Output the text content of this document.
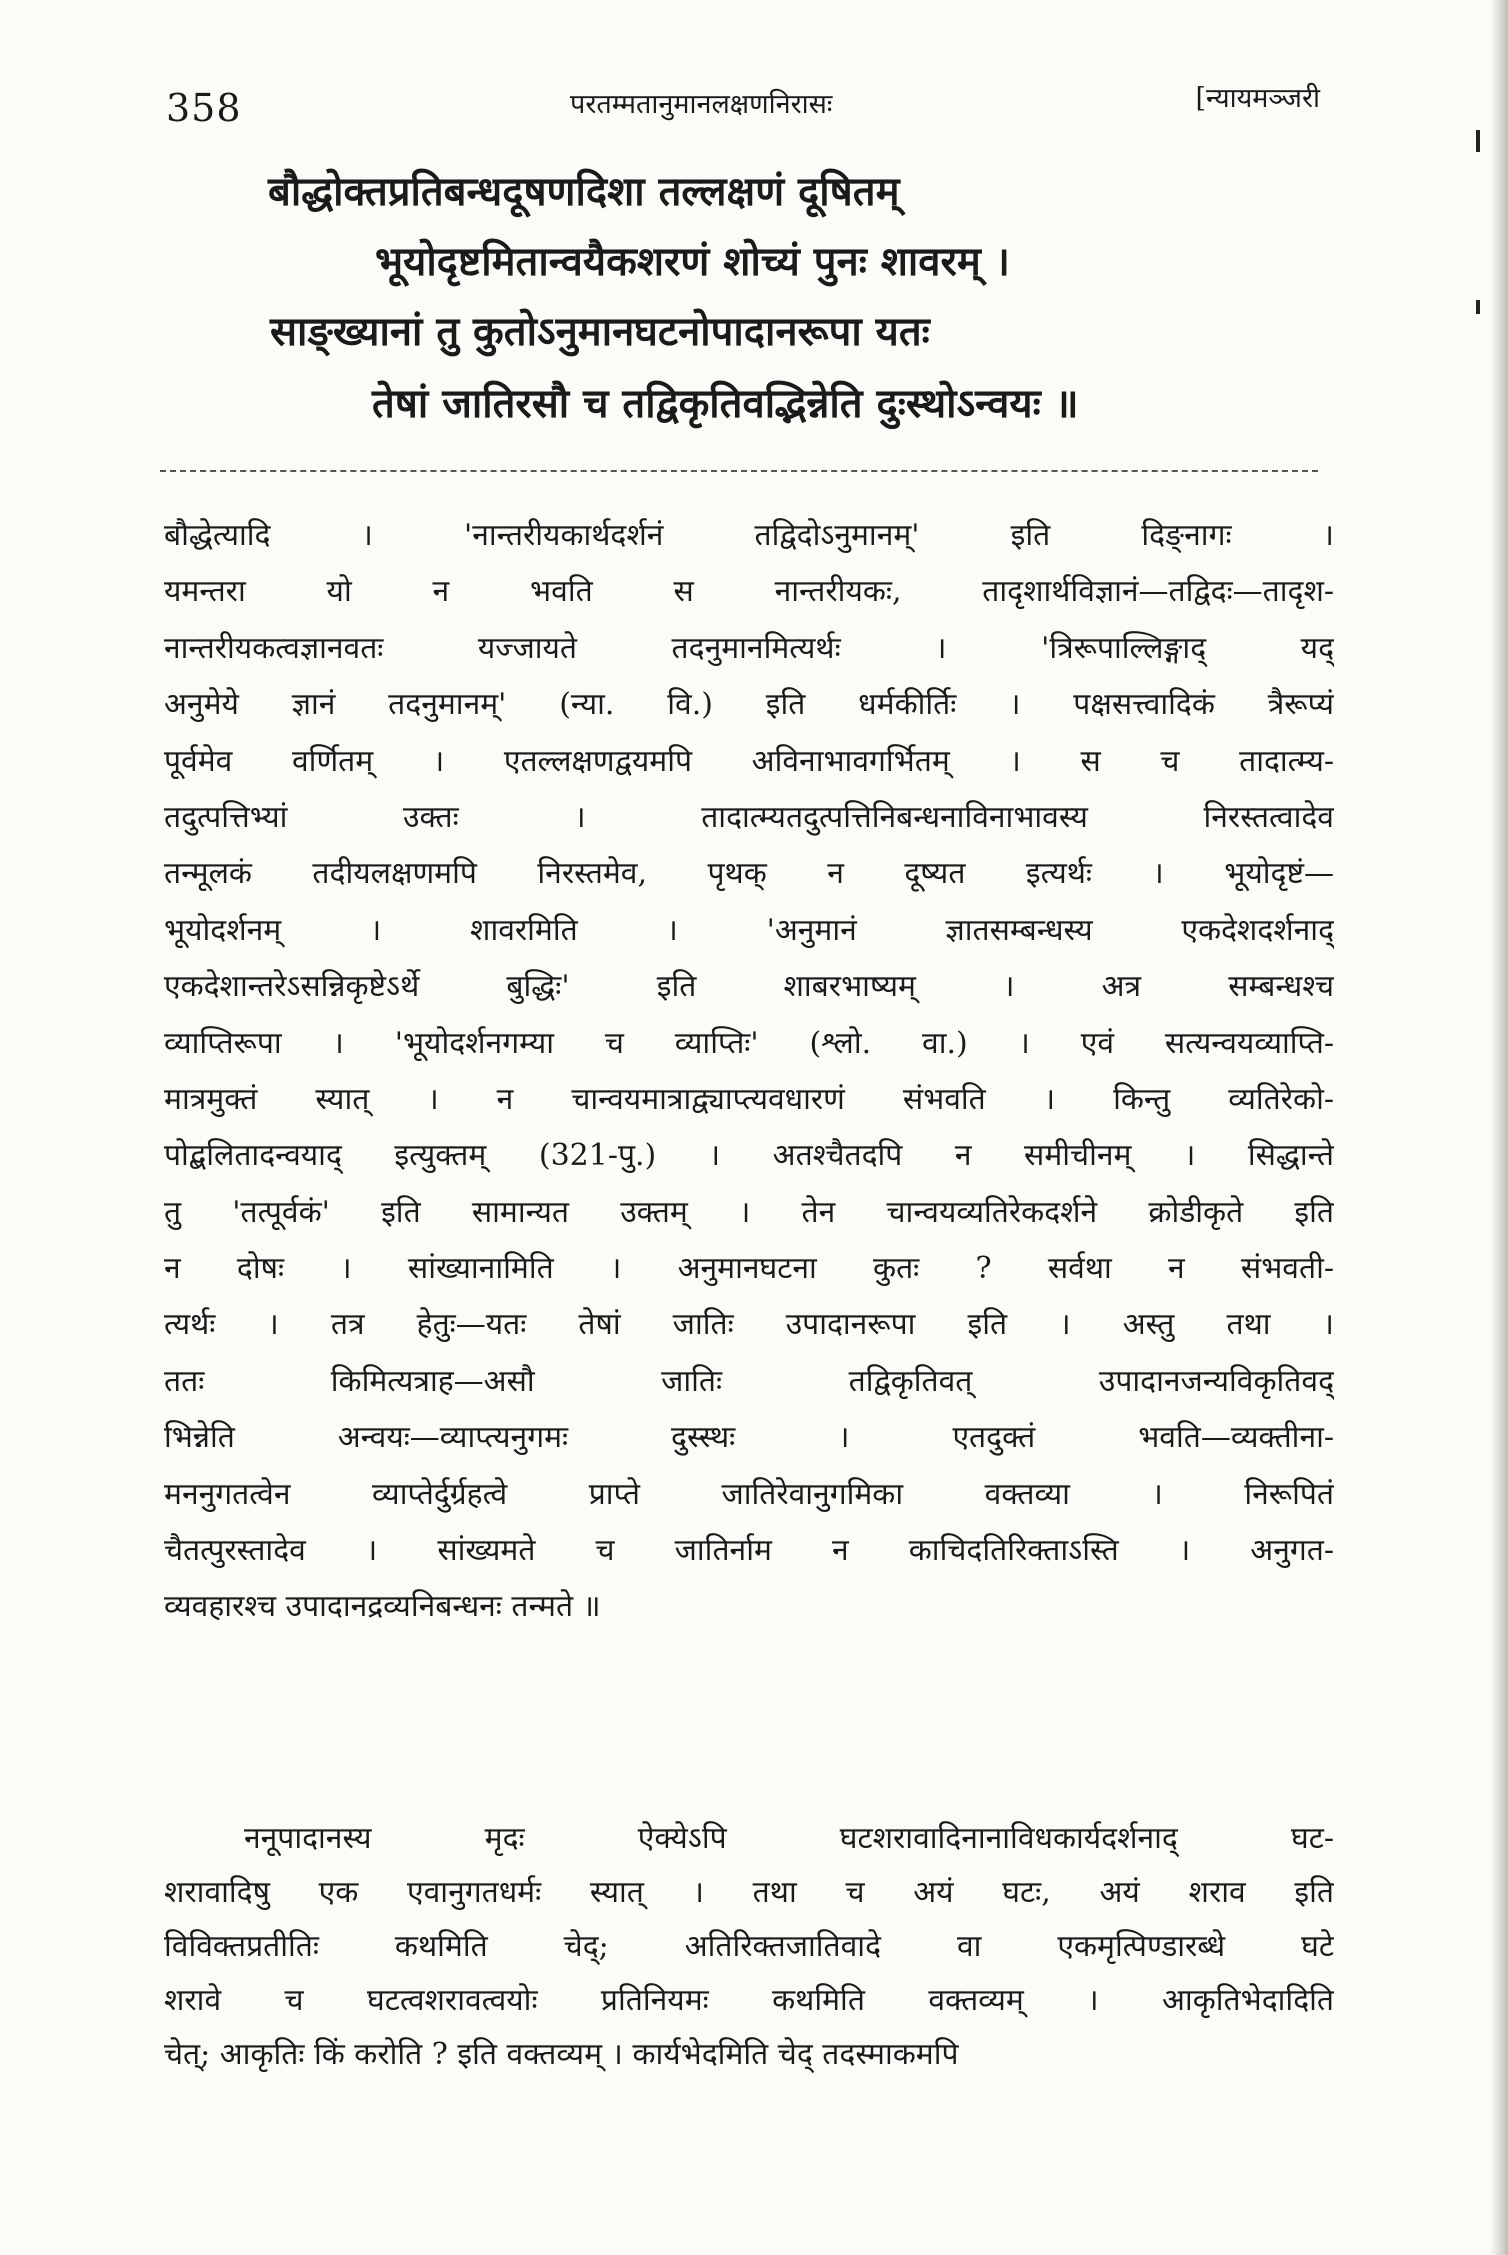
358	परतम्मतानुमानलक्षणनिरासः	[न्यायमञ्जरी
बौद्धोक्तप्रतिबन्धदूषणदिशा तल्लक्षणं दूषितम्
भूयोदृष्टमितान्वयैकशरणं शोच्यं पुनः शावरम् ।
साङ्ख्यानां तु कुतोऽनुमानघटनोपादानरूपा यतः
तेषां जातिरसौ च तद्विकृतिवद्भिन्नेति दुःस्थोऽन्वयः ॥
बौद्धेत्यादि । 'नान्तरीयकार्थदर्शनं तद्विदोऽनुमानम्' इति दिङ्नागः ।
यमन्तरा यो न भवति स नान्तरीयकः, तादृशार्थविज्ञानं—तद्विदः—तादृश-
नान्तरीयकत्वज्ञानवतः यज्जायते तदनुमानमित्यर्थः । 'त्रिरूपाल्लिङ्गाद् यद्
अनुमेये ज्ञानं तदनुमानम्' (न्या. वि.) इति धर्मकीर्तिः । पक्षसत्त्वादिकं त्रैरूप्यं
पूर्वमेव वर्णितम् । एतल्लक्षणद्वयमपि अविनाभावगर्भितम् । स च तादात्म्य-
तदुत्पत्तिभ्यां उक्तः । तादात्म्यतदुत्पत्तिनिबन्धनाविनाभावस्य निरस्तत्वादेव
तन्मूलकं तदीयलक्षणमपि निरस्तमेव, पृथक् न दूष्यत इत्यर्थः । भूयोदृष्टं—
भूयोदर्शनम् । शावरमिति । 'अनुमानं ज्ञातसम्बन्धस्य एकदेशदर्शनाद्
एकदेशान्तरेऽसन्निकृष्टेऽर्थे बुद्धिः' इति शाबरभाष्यम् । अत्र सम्बन्धश्च
व्याप्तिरूपा । 'भूयोदर्शनगम्या च व्याप्तिः' (श्लो. वा.) । एवं सत्यन्वयव्याप्ति-
मात्रमुक्तं स्यात् । न चान्वयमात्राद्व्याप्त्यवधारणं संभवति । किन्तु व्यतिरेको-
पोद्बलितादन्वयाद् इत्युक्तम् (321-पु.) । अतश्चैतदपि न समीचीनम् । सिद्धान्ते
तु 'तत्पूर्वकं' इति सामान्यत उक्तम् । तेन चान्वयव्यतिरेकदर्शने क्रोडीकृते इति
न दोषः । सांख्यानामिति । अनुमानघटना कुतः ? सर्वथा न संभवती-
त्यर्थः । तत्र हेतुः—यतः तेषां जातिः उपादानरूपा इति । अस्तु तथा ।
ततः किमित्यत्राह—असौ जातिः तद्विकृतिवत् उपादानजन्यविकृतिवद्
भिन्नेति अन्वयः—व्याप्त्यनुगमः दुस्स्थः । एतदुक्तं भवति—व्यक्तीना-
मननुगतत्वेन व्याप्तेर्दुर्ग्रहत्वे प्राप्ते जातिरेवानुगमिका वक्तव्या । निरूपितं
चैतत्पुरस्तादेव । सांख्यमते च जातिर्नाम न काचिदतिरिक्ताऽस्ति । अनुगत-
व्यवहारश्च उपादानद्रव्यनिबन्धनः तन्मते ॥
ननूपादानस्य मृदः ऐक्येऽपि घटशरावादिनानाविधकार्यदर्शनाद् घट-
शरावादिषु एक एवानुगतधर्मः स्यात् । तथा च अयं घटः, अयं शराव इति
विविक्तप्रतीतिः कथमिति चेद्; अतिरिक्तजातिवादे वा एकमृत्पिण्डारब्धे घटे
शरावे च घटत्वशरावत्वयोः प्रतिनियमः कथमिति वक्तव्यम् । आकृतिभेदादिति
चेत्; आकृतिः किं करोति ? इति वक्तव्यम् । कार्यभेदमिति चेद् तदस्माकमपि
